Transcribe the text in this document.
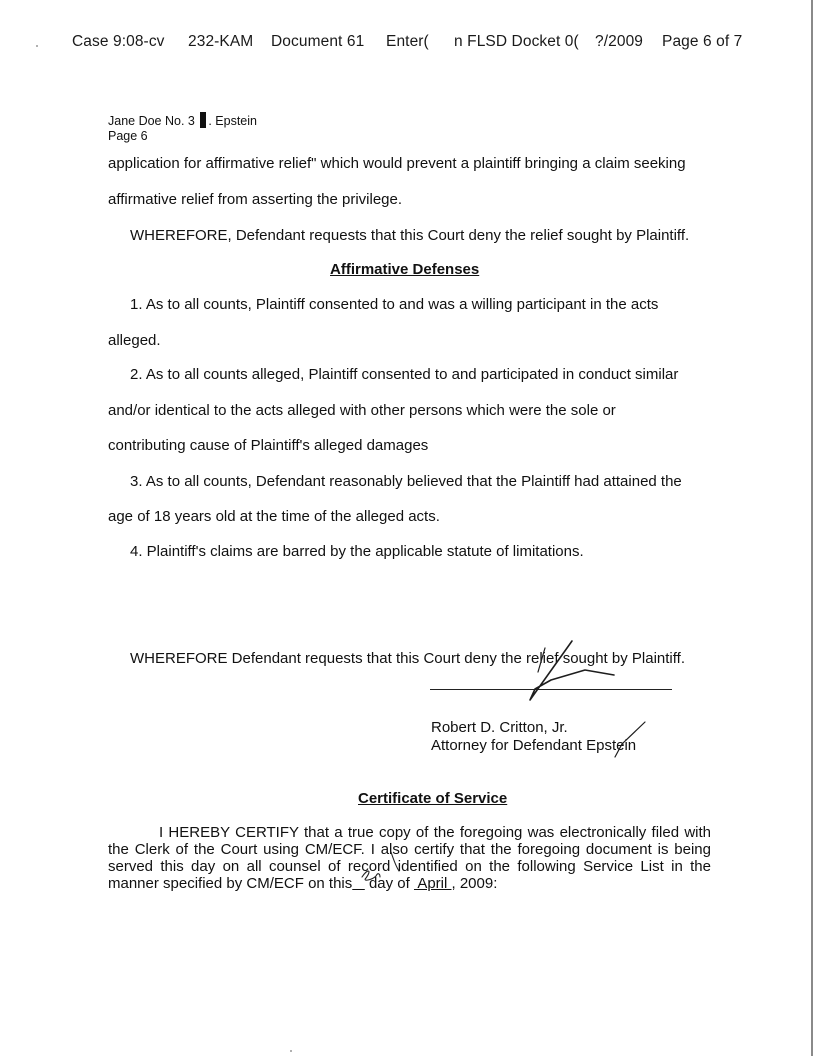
Case 9:08-cv 232-KAM Document 61 Enter( n FLSD Docket 0( ?/2009 Page 6 of 7
Jane Doe No. 3 . Epstein
Page 6
application for affirmative relief" which would prevent a plaintiff bringing a claim seeking
affirmative relief from asserting the privilege.
WHEREFORE, Defendant requests that this Court deny the relief sought by Plaintiff.
Affirmative Defenses
1. As to all counts, Plaintiff consented to and was a willing participant in the acts
alleged.
2. As to all counts alleged, Plaintiff consented to and participated in conduct similar
and/or identical to the acts alleged with other persons which were the sole or
contributing cause of Plaintiff's alleged damages
3. As to all counts, Defendant reasonably believed that the Plaintiff had attained the
age of 18 years old at the time of the alleged acts.
4. Plaintiff's claims are barred by the applicable statute of limitations.
WHEREFORE Defendant requests that this Court deny the relief sought by Plaintiff.
Robert D. Critton, Jr.
Attorney for Defendant Epstein
Certificate of Service
I HEREBY CERTIFY that a true copy of the foregoing was electronically filed with
the Clerk of the Court using CM/ECF. I also certify that the foregoing document is being
served this day on all counsel of record identified on the following Service List in the
manner specified by CM/ECF on this    day of  April , 2009:
